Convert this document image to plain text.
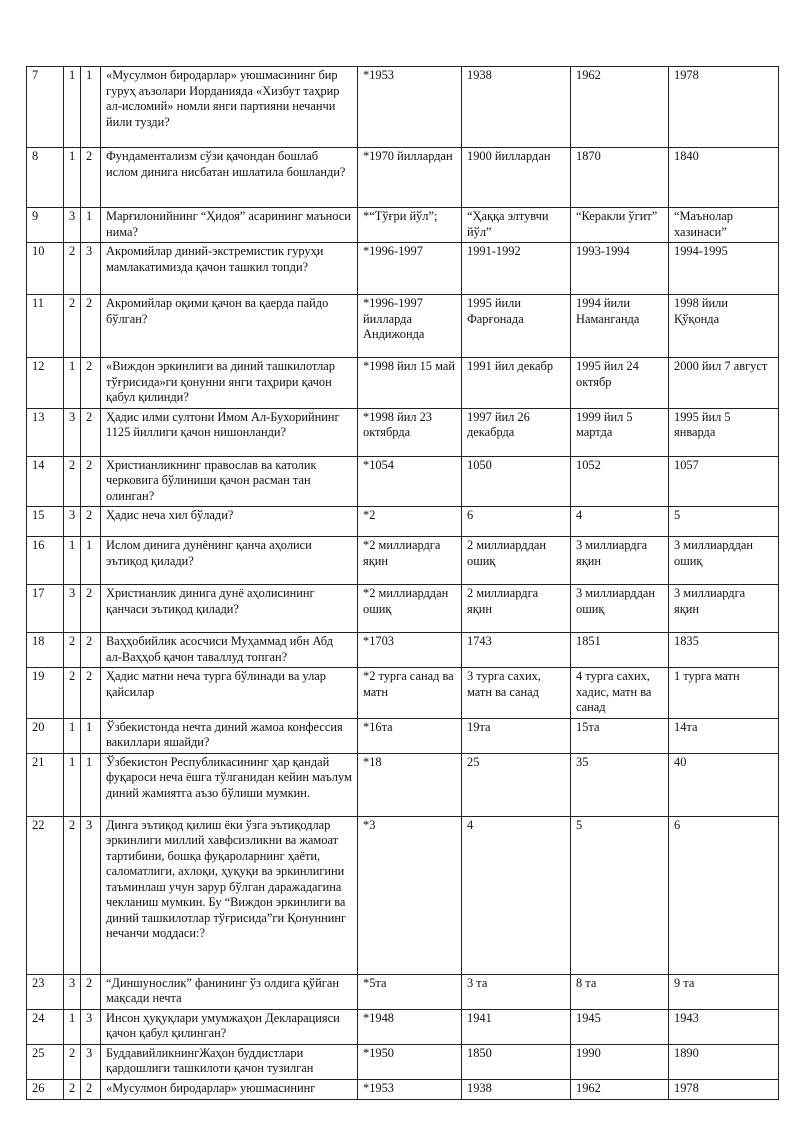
7	1	1	«Мусулмон биродарлар» уюшмасининг бир гуруҳ аъзолари Иорданияда «Хизбут таҳрир ал-исломий» номли янги партияни нечанчи йили тузди?	*1953	1938	1962	1978
8	1	2	Фундаментализм сўзи қачондан бошлаб ислом динига нисбатан ишлатила бошланди?	*1970 йиллардан	1900 йиллардан	1870	1840
9	3	1	Марғилонийнинг “Ҳидоя” асарининг маъноси нима?	*“Тўғри йўл”;	“Ҳаққа элтувчи йўл”	“Керакли ўгит”	“Маънолар хазинаси”
10	2	3	Акромийлар диний-экстремистик гуруҳи мамлакатимизда қачон ташкил топди?	*1996-1997	1991-1992	1993-1994	1994-1995
11	2	2	Акромийлар оқими қачон ва қаерда пайдо бўлган?	*1996-1997 йилларда Андижонда	1995 йили Фарғонада	1994 йили Наманганда	1998 йили Қўқонда
12	1	2	«Виждон эркинлиги ва диний ташкилотлар тўғрисида»ги қонунни янги таҳрири қачон қабул қилинди?	*1998 йил 15 май	1991 йил декабр	1995 йил 24 октябр	2000 йил 7 август
13	3	2	Ҳадис илми султони Имом Ал-Бухорийнинг 1125 йиллиги қачон нишонланди?	*1998 йил 23 октябрда	1997 йил 26 декабрда	1999 йил 5 мартда	1995 йил 5 январда
14	2	2	Христианликнинг православ ва католик черковига бўлиниши қачон расман тан олинган?	*1054	1050	1052	1057
15	3	2	Ҳадис неча хил бўлади?	*2	6	4	5
16	1	1	Ислом динига дунёнинг қанча аҳолиси эътиқод қилади?	*2 миллиардга яқин	2 миллиарддан ошиқ	3 миллиардга яқин	3 миллиарддан ошиқ
17	3	2	Христианлик динига дунё аҳолисининг қанчаси эътиқод қилади?	*2 миллиарддан ошиқ	2 миллиардга яқин	3 миллиарддан ошиқ	3 миллиардга яқин
18	2	2	Ваҳҳобийлик асосчиси Муҳаммад ибн Абд ал-Ваҳҳоб қачон таваллуд топган?	*1703	1743	1851	1835
19	2	2	Ҳадис матни неча турга бўлинади ва улар қайсилар	*2 турга санад ва матн	3 турга сахих, матн ва санад	4 турга сахих, хадис, матн ва санад	1 турга матн
20	1	1	Ўзбекистонда нечта диний жамоа конфессия вакиллари яшайди?	*16та	19та	15та	14та
21	1	1	Ўзбекистон Республикасининг ҳар қандай фуқароси неча ёшга тўлганидан кейин маълум диний жамиятга аъзо бўлиши мумкин.	*18	25	35	40
22	2	3	Динга эътиқод қилиш ёки ўзга эътиқодлар эркинлиги миллий хавфсизликни ва жамоат тартибини, бошқа фуқароларнинг ҳаёти, саломатлиги, ахлоқи, ҳуқуқи ва эркинлигини таъминлаш учун зарур бўлган даражадагина чекланиш мумкин. Бу “Виждон эркинлиги ва диний ташкилотлар тўғрисида”ги Қонуннинг нечанчи моддаси:?	*3	4	5	6
23	3	2	“Диншунослик” фанининг ўз олдига қўйган мақсади нечта	*5та	3 та	8 та	9 та
24	1	3	Инсон ҳуқуқлари умумжаҳон Декларацияси қачон қабул қилинган?	*1948	1941	1945	1943
25	2	3	БуддавийликнингЖаҳон буддистлари қардошлиги ташкилоти қачон тузилган	*1950	1850	1990	1890
26	2	2	«Мусулмон биродарлар» уюшмасининг	*1953	1938	1962	1978
